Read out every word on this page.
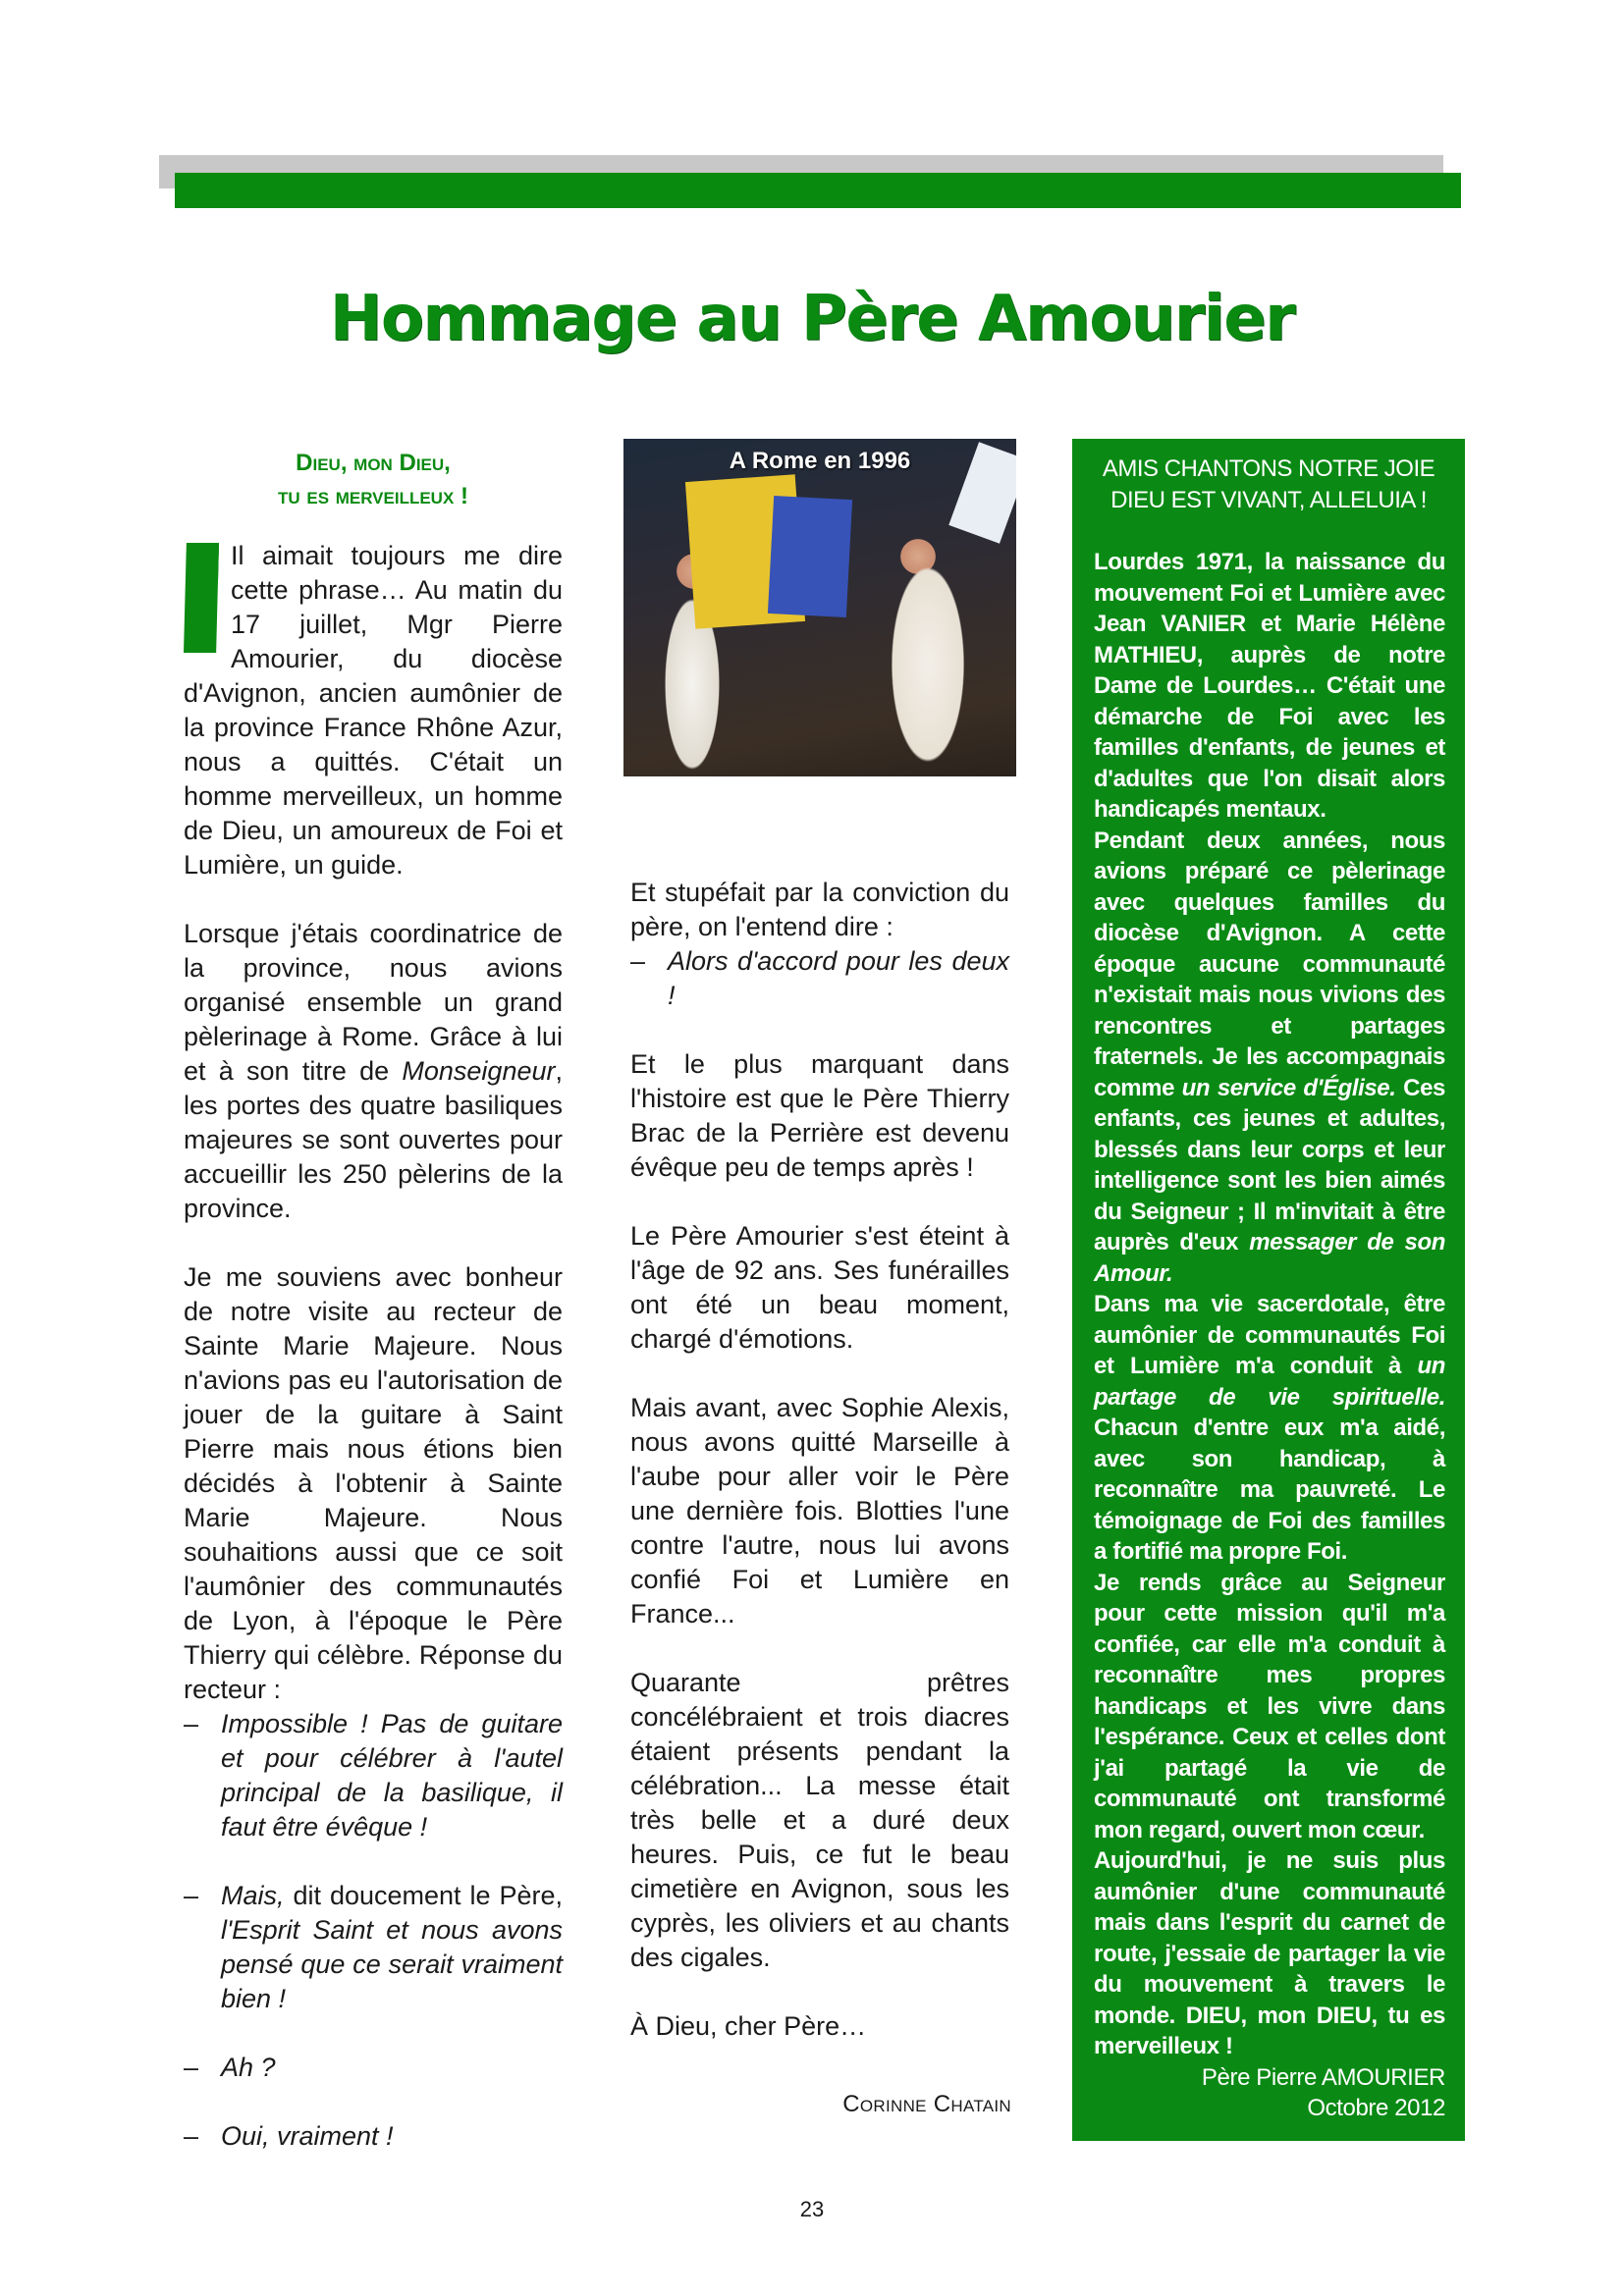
Hommage au Père Amourier
Dieu, mon Dieu,
tu es merveilleux !

Il aimait toujours me dire cette phrase… Au matin du 17 juillet, Mgr Pierre Amourier, du diocèse d'Avignon, ancien aumônier de la province France Rhône Azur, nous a quittés. C'était un homme merveilleux, un homme de Dieu, un amoureux de Foi et Lumière, un guide.

Lorsque j'étais coordinatrice de la province, nous avions organisé ensemble un grand pèlerinage à Rome. Grâce à lui et à son titre de Monseigneur, les portes des quatre basiliques majeures se sont ouvertes pour accueillir les 250 pèlerins de la province.

Je me souviens avec bonheur de notre visite au recteur de Sainte Marie Majeure. Nous n'avions pas eu l'autorisation de jouer de la guitare à Saint Pierre mais nous étions bien décidés à l'obtenir à Sainte Marie Majeure. Nous souhaitions aussi que ce soit l'aumônier des communautés de Lyon, à l'époque le Père Thierry qui célèbre. Réponse du recteur :

– Impossible ! Pas de guitare et pour célébrer à l'autel principal de la basilique, il faut être évêque !

– Mais, dit doucement le Père, l'Esprit Saint et nous avons pensé que ce serait vraiment bien !

– Ah ?

– Oui, vraiment !

A Rome en 1996

Et stupéfait par la conviction du père, on l'entend dire :

– Alors d'accord pour les deux !

Et le plus marquant dans l'histoire est que le Père Thierry Brac de la Perrière est devenu évêque peu de temps après !

Le Père Amourier s'est éteint à l'âge de 92 ans. Ses funérailles ont été un beau moment, chargé d'émotions.

Mais avant, avec Sophie Alexis, nous avons quitté Marseille à l'aube pour aller voir le Père une dernière fois. Blotties l'une contre l'autre, nous lui avons confié Foi et Lumière en France...

Quarante prêtres concélébraient et trois diacres étaient présents pendant la célébration... La messe était très belle et a duré deux heures. Puis, ce fut le beau cimetière en Avignon, sous les cyprès, les oliviers et au chants des cigales.

À Dieu, cher Père…

Corinne Chatain
AMIS CHANTONS NOTRE JOIE
DIEU EST VIVANT, ALLELUIA !

Lourdes 1971, la naissance du mouvement Foi et Lumière avec Jean VANIER et Marie Hélène MATHIEU, auprès de notre Dame de Lourdes… C'était une démarche de Foi avec les familles d'enfants, de jeunes et d'adultes que l'on disait alors handicapés mentaux.

Pendant deux années, nous avions préparé ce pèlerinage avec quelques familles du diocèse d'Avignon. A cette époque aucune communauté n'existait mais nous vivions des rencontres et partages fraternels. Je les accompagnais comme un service d'Église. Ces enfants, ces jeunes et adultes, blessés dans leur corps et leur intelligence sont les bien aimés du Seigneur ; Il m'invitait à être auprès d'eux messager de son Amour.

Dans ma vie sacerdotale, être aumônier de communautés Foi et Lumière m'a conduit à un partage de vie spirituelle. Chacun d'entre eux m'a aidé, avec son handicap, à reconnaître ma pauvreté. Le témoignage de Foi des familles a fortifié ma propre Foi.

Je rends grâce au Seigneur pour cette mission qu'il m'a confiée, car elle m'a conduit à reconnaître mes propres handicaps et les vivre dans l'espérance. Ceux et celles dont j'ai partagé la vie de communauté ont transformé mon regard, ouvert mon cœur.

Aujourd'hui, je ne suis plus aumônier d'une communauté mais dans l'esprit du carnet de route, j'essaie de partager la vie du mouvement à travers le monde. DIEU, mon DIEU, tu es merveilleux !

Père Pierre AMOURIER

Octobre 2012

23
